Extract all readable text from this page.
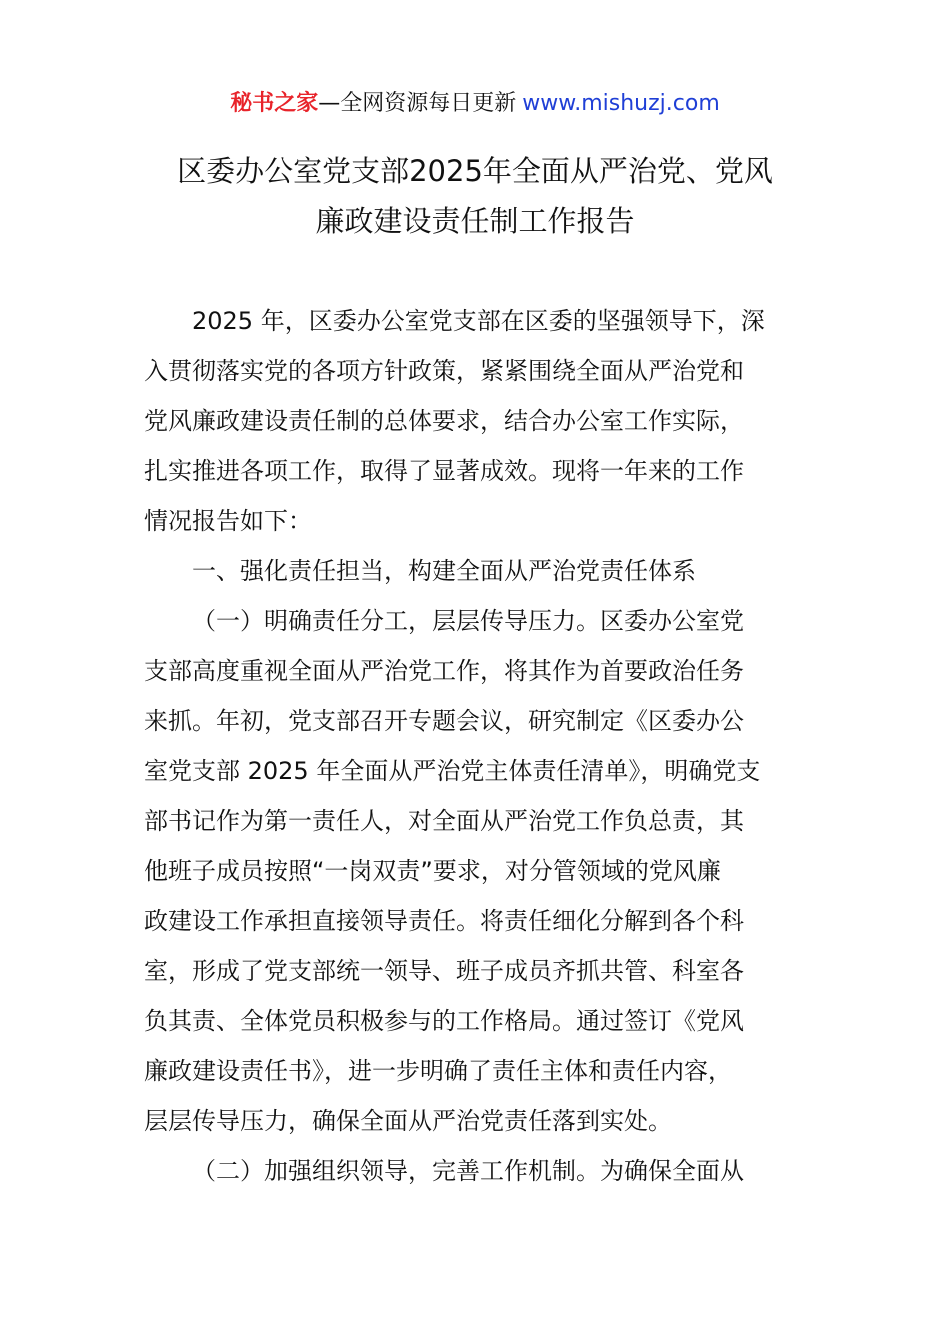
秘书之家—全网资源每日更新 www.mishuzj.com
区委办公室党支部2025年全面从严治党、党风
廉政建设责任制工作报告
2025 年，区委办公室党支部在区委的坚强领导下，深
入贯彻落实党的各项方针政策，紧紧围绕全面从严治党和
党风廉政建设责任制的总体要求，结合办公室工作实际，
扎实推进各项工作，取得了显著成效。现将一年来的工作
情况报告如下：
一、强化责任担当，构建全面从严治党责任体系
（一）明确责任分工，层层传导压力。区委办公室党
支部高度重视全面从严治党工作，将其作为首要政治任务
来抓。年初，党支部召开专题会议，研究制定《区委办公
室党支部 2025 年全面从严治党主体责任清单》，明确党支
部书记作为第一责任人，对全面从严治党工作负总责，其
他班子成员按照“一岗双责”要求，对分管领域的党风廉
政建设工作承担直接领导责任。将责任细化分解到各个科
室，形成了党支部统一领导、班子成员齐抓共管、科室各
负其责、全体党员积极参与的工作格局。通过签订《党风
廉政建设责任书》，进一步明确了责任主体和责任内容，
层层传导压力，确保全面从严治党责任落到实处。
（二）加强组织领导，完善工作机制。为确保全面从
